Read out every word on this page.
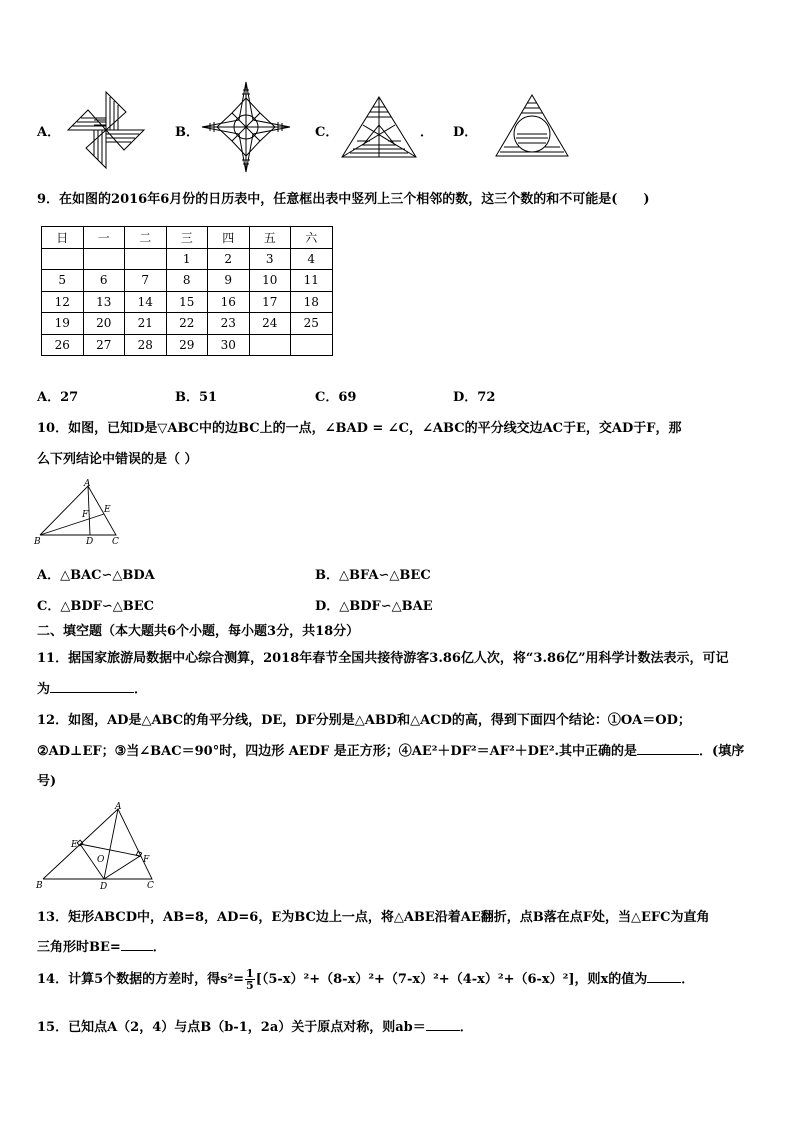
A．	B．	C．	． D．
9．在如图的2016年6月份的日历表中，任意框出表中竖列上三个相邻的数，这三个数的和不可能是(　　)
日	一	二	三	四	五	六
			1	2	3	4
5	6	7	8	9	10	11
12	13	14	15	16	17	18
19	20	21	22	23	24	25
26	27	28	29	30		
A．27	B．51	C．69	D．72
10．如图，已知D是▽ABC中的边BC上的一点，∠BAD = ∠C，∠ABC的平分线交边AC于E，交AD于F，那
么下列结论中错误的是（ ）
A
B	D C
E
F
A．△BAC∽△BDA	B．△BFA∽△BEC
C．△BDF∽△BEC	D．△BDF∽△BAE
二、填空题（本大题共6个小题，每小题3分，共18分）
11．据国家旅游局数据中心综合测算，2018年春节全国共接待游客3.86亿人次，将“3.86亿”用科学计数法表示，可记
为	．
12．如图，AD是△ABC的角平分线，DE，DF分别是△ABD和△ACD的高，得到下面四个结论：①OA＝OD；
②AD⊥EF；③当∠BAC＝90°时，四边形 AEDF 是正方形；④AE²＋DF²＝AF²＋DE².其中正确的是	．(填序
号)
A
B	D	C
E
F
O
13．矩形ABCD中，AB=8，AD=6，E为BC边上一点，将△ABE沿着AE翻折，点B落在点F处，当△EFC为直角
三角形时BE= ．
14．计算5个数据的方差时，得$s^2= \frac{1}{5} [(5-x)^2+(8-x)^2+(7-x)^2+(4-x)^2+(6-x)^2]$，则x的值为	．
15．已知点A（2，4）与点B（b-1，2a）关于原点对称，则ab＝	．
